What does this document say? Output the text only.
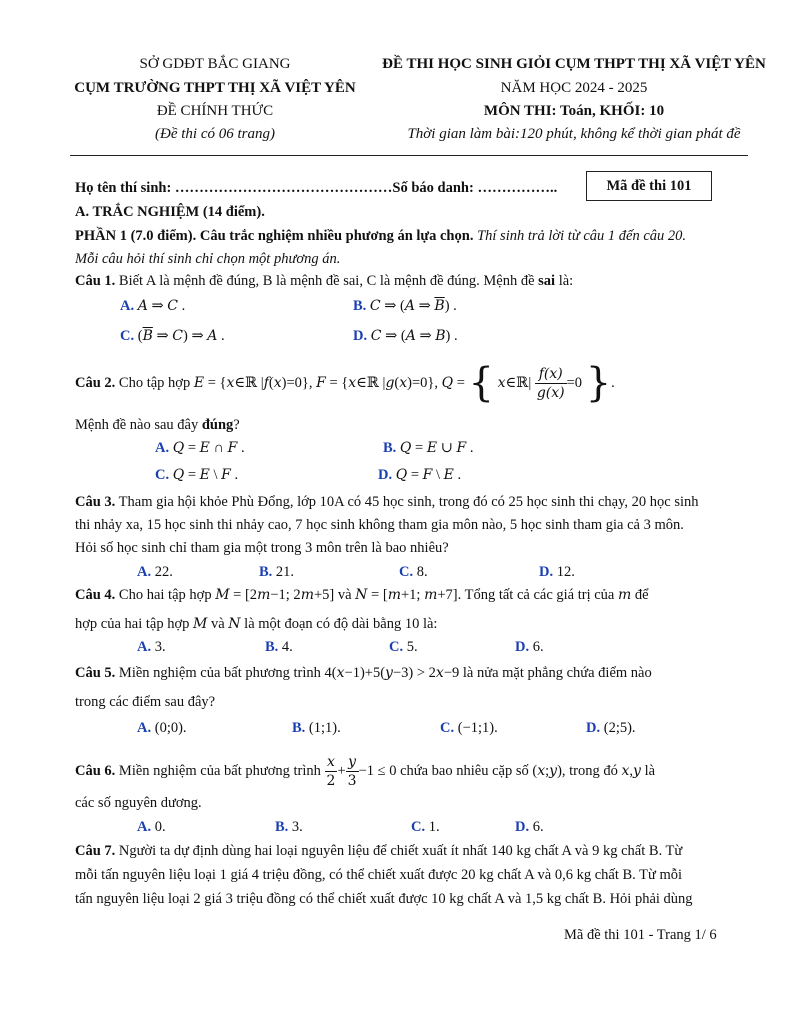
SỞ GDĐT BẮC GIANG
CỤM TRƯỜNG THPT THỊ XÃ VIỆT YÊN
ĐỀ CHÍNH THỨC
(Đề thi có 06 trang)
ĐỀ THI HỌC SINH GIỎI CỤM THPT THỊ XÃ VIỆT YÊN
NĂM HỌC 2024 - 2025
MÔN THI: Toán, KHỐI: 10
Thời gian làm bài:120 phút, không kể thời gian phát đề
Họ tên thí sinh: ………………………………………Số báo danh: ……………..	Mã đề thi 101
A. TRẮC NGHIỆM (14 điểm).
PHẦN 1 (7.0 điểm). Câu trắc nghiệm nhiều phương án lựa chọn. Thí sinh trả lời từ câu 1 đến câu 20.
Mỗi câu hỏi thí sinh chỉ chọn một phương án.
Câu 1. Biết A là mệnh đề đúng, B là mệnh đề sai, C là mệnh đề đúng. Mệnh đề sai là:
A. A ⇒ C .	B. C ⇒ (A ⇒ $\overline{B}$) .
C. ($\overline{B}$ ⇒ C) ⇒ A .	D. C ⇒ (A ⇒ B) .
Câu 2.
Cho tập hợp
E = { x ∈ℝ | f ( x )=0}, F = { x ∈ℝ | g ( x )=0}, Q = {
x ∈ℝ| $\frac{f(x)}{g(x)} =0$ } .
Mệnh đề nào sau đây đúng?
A. Q = E ∩ F .	B. Q = E ∪ F .
C. Q = E \ F .	D. Q = F \ E .
Câu 3. Tham gia hội khỏe Phù Đổng, lớp 10A có 45 học sinh, trong đó có 25 học sinh thi chạy, 20 học sinh
thi nhảy xa, 15 học sinh thi nhảy cao, 7 học sinh không tham gia môn nào, 5 học sinh tham gia cả 3 môn.
Hỏi số học sinh chỉ tham gia một trong 3 môn trên là bao nhiêu?
A. 22.	B. 21.	C. 8.	D. 12.
Câu 4. Cho hai tập hợp M = [2m−1; 2m+5] và N = [m+1; m+7]. Tổng tất cả các giá trị của m để
hợp của hai tập hợp M và N là một đoạn có độ dài bằng 10 là:
A. 3.	B. 4.	C. 5.	D. 6.
Câu 5. Miền nghiệm của bất phương trình 4(x−1)+5(y−3) > 2x−9 là nửa mặt phẳng chứa điểm nào
trong các điểm sau đây?
A. (0;0).	B. (1;1).	C. (−1;1).	D. (2;5).
Câu 6.
Miền nghiệm của bất phương trình
$\frac{x}{2} + \frac{y}{3} -1 \le 0$ chứa bao nhiêu cặp số ( x ; y ) , trong đó
x , y
là
các số nguyên dương.
A. 0.	B. 3.	C. 1.	D. 6.
Câu 7. Người ta dự định dùng hai loại nguyên liệu để chiết xuất ít nhất 140 kg chất A và 9 kg chất B. Từ
mỗi tấn nguyên liệu loại 1 giá 4 triệu đồng, có thể chiết xuất được 20 kg chất A và 0,6 kg chất B. Từ mỗi
tấn nguyên liệu loại 2 giá 3 triệu đồng có thể chiết xuất được 10 kg chất A và 1,5 kg chất B. Hỏi phải dùng
Mã đề thi 101 - Trang 1/ 6
